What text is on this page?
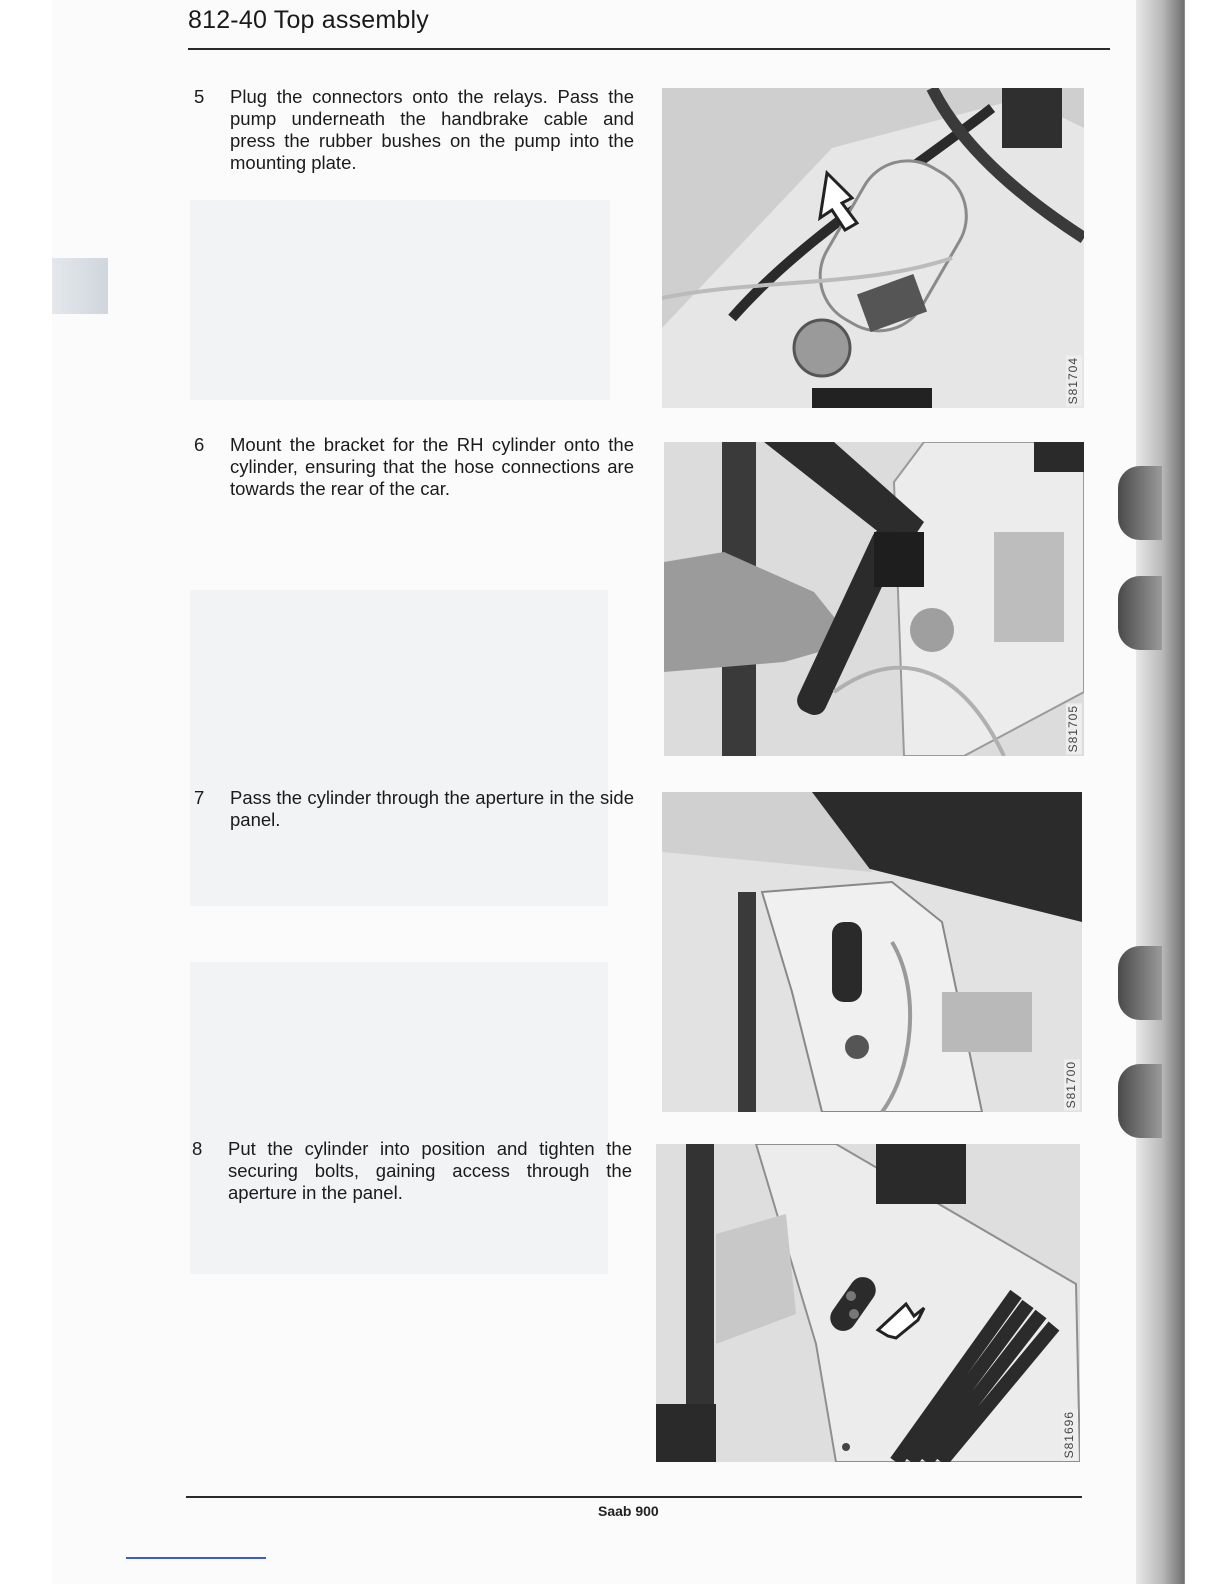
812-40 Top assembly
5	Plug the connectors onto the relays. Pass the pump underneath the handbrake cable and press the rubber bushes on the pump into the mounting plate.
S81704
6	Mount the bracket for the RH cylinder onto the cylinder, ensuring that the hose connections are towards the rear of the car.
S81705
7	Pass the cylinder through the aperture in the side panel.
S81700
8	Put the cylinder into position and tighten the securing bolts, gaining access through the aperture in the panel.
S81696
Saab 900
